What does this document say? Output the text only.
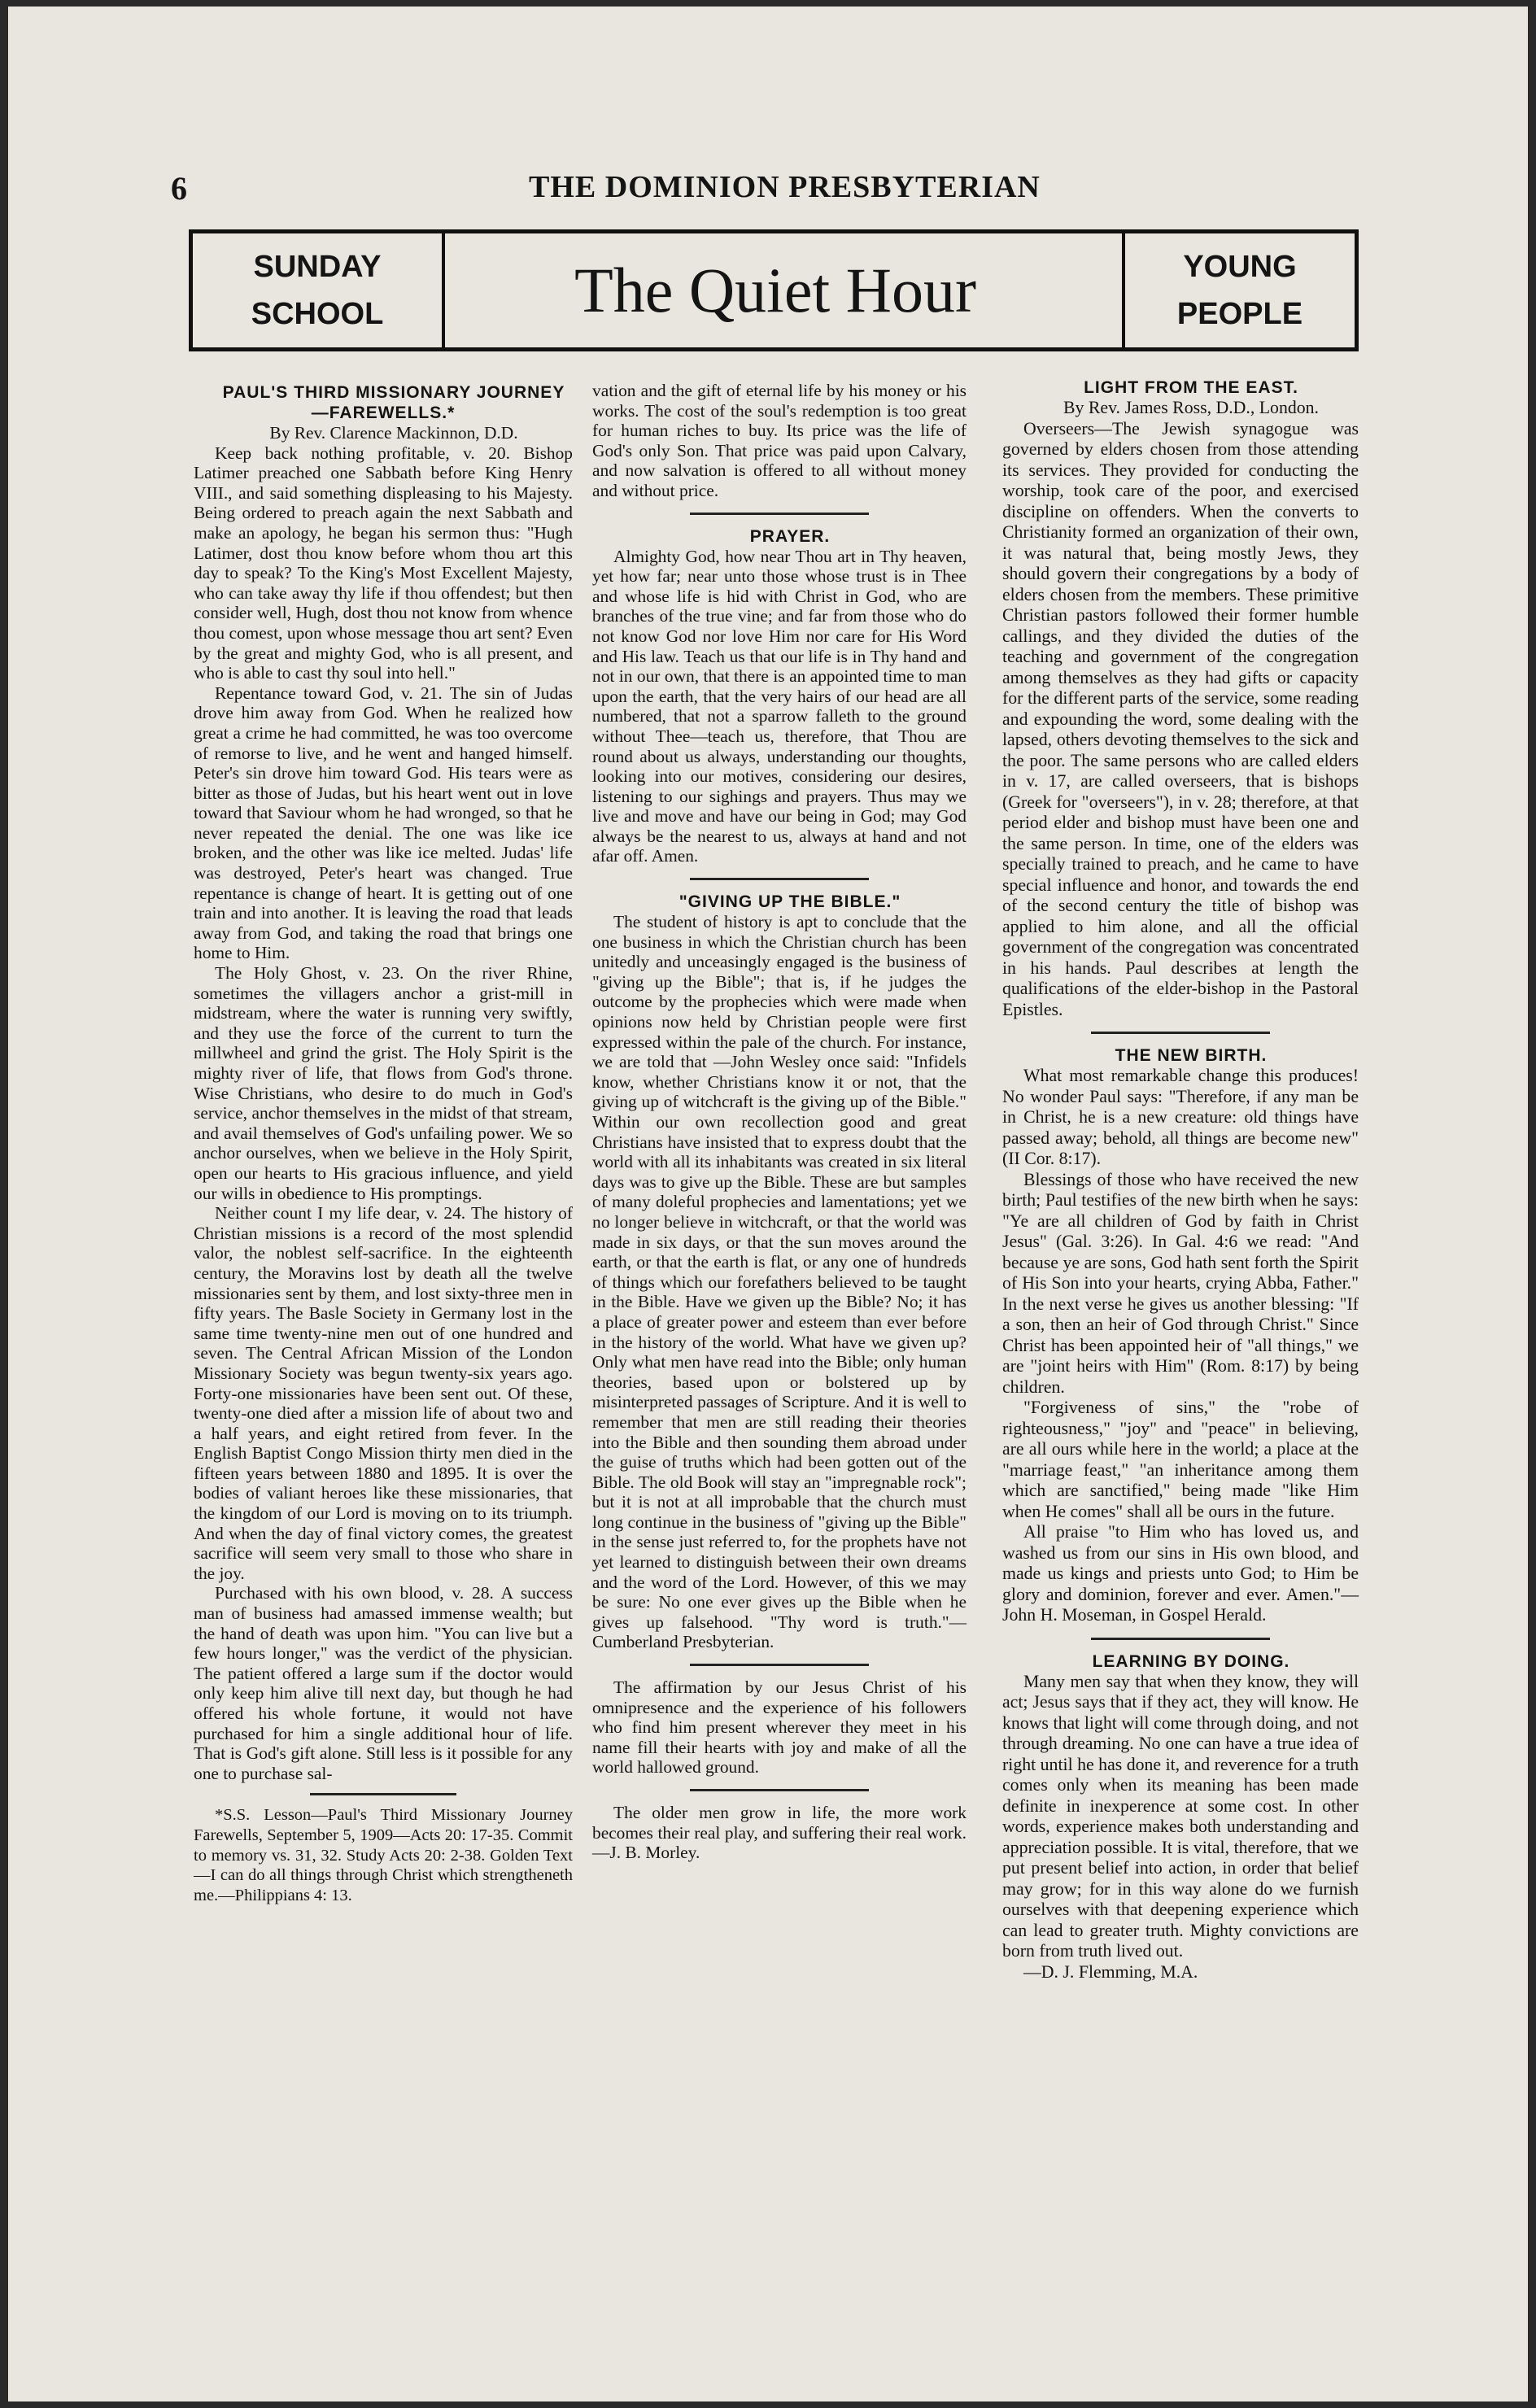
6	THE DOMINION PRESBYTERIAN
SUNDAY
SCHOOL	The Quiet Hour	YOUNG
PEOPLE

PAUL'S THIRD MISSIONARY JOURNEY—FAREWELLS.*

By Rev. Clarence Mackinnon, D.D.

Keep back nothing profitable, v. 20. Bishop Latimer preached one Sabbath before King Henry VIII., and said something displeasing to his Majesty. Being ordered to preach again the next Sabbath and make an apology, he began his sermon thus: "Hugh Latimer, dost thou know before whom thou art this day to speak? To the King's Most Excellent Majesty, who can take away thy life if thou offendest; but then consider well, Hugh, dost thou not know from whence thou comest, upon whose message thou art sent? Even by the great and mighty God, who is all present, and who is able to cast thy soul into hell."

Repentance toward God, v. 21. The sin of Judas drove him away from God. When he realized how great a crime he had committed, he was too overcome of remorse to live, and he went and hanged himself. Peter's sin drove him toward God. His tears were as bitter as those of Judas, but his heart went out in love toward that Saviour whom he had wronged, so that he never repeated the denial. The one was like ice broken, and the other was like ice melted. Judas' life was destroyed, Peter's heart was changed. True repentance is change of heart. It is getting out of one train and into another. It is leaving the road that leads away from God, and taking the road that brings one home to Him.

The Holy Ghost, v. 23. On the river Rhine, sometimes the villagers anchor a grist-mill in midstream, where the water is running very swiftly, and they use the force of the current to turn the millwheel and grind the grist. The Holy Spirit is the mighty river of life, that flows from God's throne. Wise Christians, who desire to do much in God's service, anchor themselves in the midst of that stream, and avail themselves of God's unfailing power. We so anchor ourselves, when we believe in the Holy Spirit, open our hearts to His gracious influence, and yield our wills in obedience to His promptings.

Neither count I my life dear, v. 24. The history of Christian missions is a record of the most splendid valor, the noblest self-sacrifice. In the eighteenth century, the Moravins lost by death all the twelve missionaries sent by them, and lost sixty-three men in fifty years. The Basle Society in Germany lost in the same time twenty-nine men out of one hundred and seven. The Central African Mission of the London Missionary Society was begun twenty-six years ago. Forty-one missionaries have been sent out. Of these, twenty-one died after a mission life of about two and a half years, and eight retired from fever. In the English Baptist Congo Mission thirty men died in the fifteen years between 1880 and 1895. It is over the bodies of valiant heroes like these missionaries, that the kingdom of our Lord is moving on to its triumph. And when the day of final victory comes, the greatest sacrifice will seem very small to those who share in the joy.

Purchased with his own blood, v. 28. A success man of business had amassed immense wealth; but the hand of death was upon him. "You can live but a few hours longer," was the verdict of the physician. The patient offered a large sum if the doctor would only keep him alive till next day, but though he had offered his whole fortune, it would not have purchased for him a single additional hour of life. That is God's gift alone. Still less is it possible for any one to purchase sal-

*S.S. Lesson—Paul's Third Missionary Journey Farewells, September 5, 1909—Acts 20: 17-35. Commit to memory vs. 31, 32. Study Acts 20: 2-38. Golden Text—I can do all things through Christ which strengtheneth me.—Philippians 4: 13.

vation and the gift of eternal life by his money or his works. The cost of the soul's redemption is too great for human riches to buy. Its price was the life of God's only Son. That price was paid upon Calvary, and now salvation is offered to all without money and without price.

PRAYER.

Almighty God, how near Thou art in Thy heaven, yet how far; near unto those whose trust is in Thee and whose life is hid with Christ in God, who are branches of the true vine; and far from those who do not know God nor love Him nor care for His Word and His law. Teach us that our life is in Thy hand and not in our own, that there is an appointed time to man upon the earth, that the very hairs of our head are all numbered, that not a sparrow falleth to the ground without Thee—teach us, therefore, that Thou are round about us always, understanding our thoughts, looking into our motives, considering our desires, listening to our sighings and prayers. Thus may we live and move and have our being in God; may God always be the nearest to us, always at hand and not afar off. Amen.

"GIVING UP THE BIBLE."

The student of history is apt to conclude that the one business in which the Christian church has been unitedly and unceasingly engaged is the business of "giving up the Bible"; that is, if he judges the outcome by the prophecies which were made when opinions now held by Christian people were first expressed within the pale of the church. For instance, we are told that —John Wesley once said: "Infidels know, whether Christians know it or not, that the giving up of witchcraft is the giving up of the Bible." Within our own recollection good and great Christians have insisted that to express doubt that the world with all its inhabitants was created in six literal days was to give up the Bible. These are but samples of many doleful prophecies and lamentations; yet we no longer believe in witchcraft, or that the world was made in six days, or that the sun moves around the earth, or that the earth is flat, or any one of hundreds of things which our forefathers believed to be taught in the Bible. Have we given up the Bible? No; it has a place of greater power and esteem than ever before in the history of the world. What have we given up? Only what men have read into the Bible; only human theories, based upon or bolstered up by misinterpreted passages of Scripture. And it is well to remember that men are still reading their theories into the Bible and then sounding them abroad under the guise of truths which had been gotten out of the Bible. The old Book will stay an "impregnable rock"; but it is not at all improbable that the church must long continue in the business of "giving up the Bible" in the sense just referred to, for the prophets have not yet learned to distinguish between their own dreams and the word of the Lord. However, of this we may be sure: No one ever gives up the Bible when he gives up falsehood. "Thy word is truth."—Cumberland Presbyterian.

The affirmation by our Jesus Christ of his omnipresence and the experience of his followers who find him present wherever they meet in his name fill their hearts with joy and make of all the world hallowed ground.

The older men grow in life, the more work becomes their real play, and suffering their real work.—J. B. Morley.

LIGHT FROM THE EAST.

By Rev. James Ross, D.D., London.

Overseers—The Jewish synagogue was governed by elders chosen from those attending its services. They provided for conducting the worship, took care of the poor, and exercised discipline on offenders. When the converts to Christianity formed an organization of their own, it was natural that, being mostly Jews, they should govern their congregations by a body of elders chosen from the members. These primitive Christian pastors followed their former humble callings, and they divided the duties of the teaching and government of the congregation among themselves as they had gifts or capacity for the different parts of the service, some reading and expounding the word, some dealing with the lapsed, others devoting themselves to the sick and the poor. The same persons who are called elders in v. 17, are called overseers, that is bishops (Greek for "overseers"), in v. 28; therefore, at that period elder and bishop must have been one and the same person. In time, one of the elders was specially trained to preach, and he came to have special influence and honor, and towards the end of the second century the title of bishop was applied to him alone, and all the official government of the congregation was concentrated in his hands. Paul describes at length the qualifications of the elder-bishop in the Pastoral Epistles.

THE NEW BIRTH.

What most remarkable change this produces! No wonder Paul says: "Therefore, if any man be in Christ, he is a new creature: old things have passed away; behold, all things are become new" (II Cor. 8:17).

Blessings of those who have received the new birth; Paul testifies of the new birth when he says: "Ye are all children of God by faith in Christ Jesus" (Gal. 3:26). In Gal. 4:6 we read: "And because ye are sons, God hath sent forth the Spirit of His Son into your hearts, crying Abba, Father." In the next verse he gives us another blessing: "If a son, then an heir of God through Christ." Since Christ has been appointed heir of "all things," we are "joint heirs with Him" (Rom. 8:17) by being children.

"Forgiveness of sins," the "robe of righteousness," "joy" and "peace" in believing, are all ours while here in the world; a place at the "marriage feast," "an inheritance among them which are sanctified," being made "like Him when He comes" shall all be ours in the future.

All praise "to Him who has loved us, and washed us from our sins in His own blood, and made us kings and priests unto God; to Him be glory and dominion, forever and ever. Amen."—John H. Moseman, in Gospel Herald.

LEARNING BY DOING.

Many men say that when they know, they will act; Jesus says that if they act, they will know. He knows that light will come through doing, and not through dreaming. No one can have a true idea of right until he has done it, and reverence for a truth comes only when its meaning has been made definite in inexperence at some cost. In other words, experience makes both understanding and appreciation possible. It is vital, therefore, that we put present belief into action, in order that belief may grow; for in this way alone do we furnish ourselves with that deepening experience which can lead to greater truth. Mighty convictions are born from truth lived out.

—D. J. Flemming, M.A.
